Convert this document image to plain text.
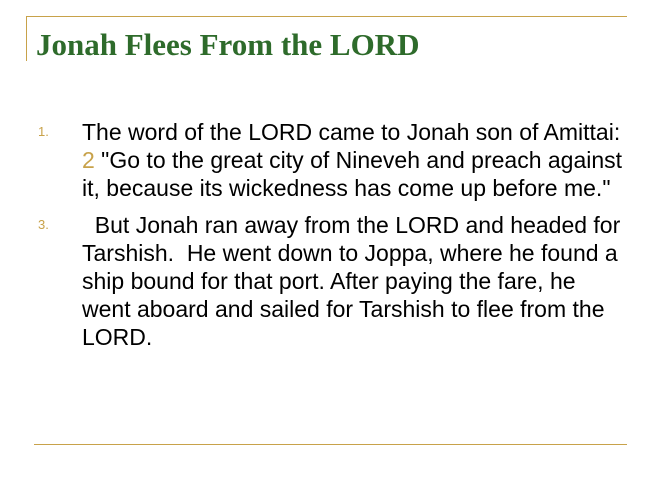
Jonah Flees From the LORD
1. The word of the LORD came to Jonah son of Amittai: 2 "Go to the great city of Nineveh and preach against it, because its wickedness has come up before me."
3. But Jonah ran away from the LORD and headed for Tarshish.  He went down to Joppa, where he found a ship bound for that port. After paying the fare, he went aboard and sailed for Tarshish to flee from the LORD.
